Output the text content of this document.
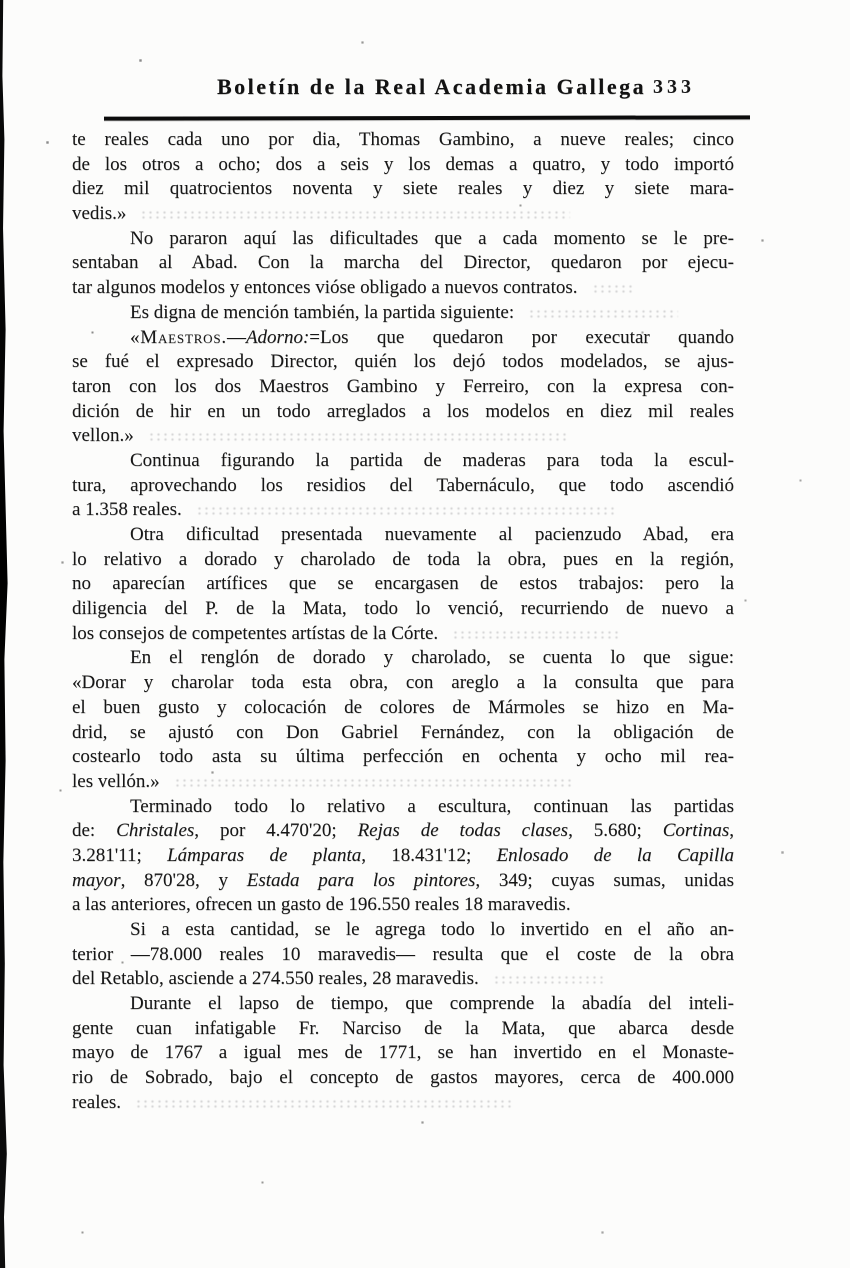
Boletín de la Real Academia Gallega 333
te reales cada uno por dia, Thomas Gambino, a nueve reales; cinco
de los otros a ocho; dos a seis y los demas a quatro, y todo importó
diez mil quatrocientos noventa y siete reales y diez y siete mara-
vedis.»
No pararon aquí las dificultades que a cada momento se le pre-
sentaban al Abad. Con la marcha del Director, quedaron por ejecu-
tar algunos modelos y entonces vióse obligado a nuevos contratos.
Es digna de mención también, la partida siguiente:
«Maestros.—Adorno:=Los que quedaron por executar quando
se fué el expresado Director, quién los dejó todos modelados, se ajus-
taron con los dos Maestros Gambino y Ferreiro, con la expresa con-
dición de hir en un todo arreglados a los modelos en diez mil reales
vellon.»
Continua figurando la partida de maderas para toda la escul-
tura, aprovechando los residios del Tabernáculo, que todo ascendió
a 1.358 reales.
Otra dificultad presentada nuevamente al pacienzudo Abad, era
lo relativo a dorado y charolado de toda la obra, pues en la región,
no aparecían artífices que se encargasen de estos trabajos: pero la
diligencia del P. de la Mata, todo lo venció, recurriendo de nuevo a
los consejos de competentes artístas de la Córte.
En el renglón de dorado y charolado, se cuenta lo que sigue:
«Dorar y charolar toda esta obra, con areglo a la consulta que para
el buen gusto y colocación de colores de Mármoles se hizo en Ma-
drid, se ajustó con Don Gabriel Fernández, con la obligación de
costearlo todo asta su última perfección en ochenta y ocho mil rea-
les vellón.»
Terminado todo lo relativo a escultura, continuan las partidas
de: Christales, por 4.470'20; Rejas de todas clases, 5.680; Cortinas,
3.281'11; Lámparas de planta, 18.431'12; Enlosado de la Capilla
mayor, 870'28, y Estada para los pintores, 349; cuyas sumas, unidas
a las anteriores, ofrecen un gasto de 196.550 reales 18 maravedis.
Si a esta cantidad, se le agrega todo lo invertido en el año an-
terior —78.000 reales 10 maravedis— resulta que el coste de la obra
del Retablo, asciende a 274.550 reales, 28 maravedis.
Durante el lapso de tiempo, que comprende la abadía del inteli-
gente cuan infatigable Fr. Narciso de la Mata, que abarca desde
mayo de 1767 a igual mes de 1771, se han invertido en el Monaste-
rio de Sobrado, bajo el concepto de gastos mayores, cerca de 400.000
reales.
